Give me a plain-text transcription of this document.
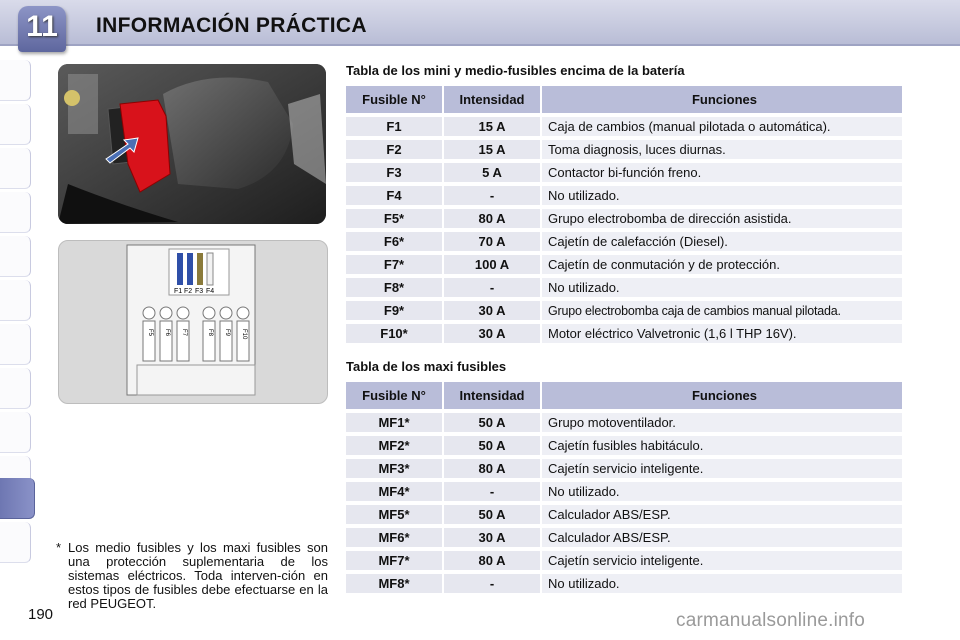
11	INFORMACIÓN PRÁCTICA
F1 F2 F3 F4
F5 F6 F7	F8 F9 F10
Tabla de los mini y medio-fusibles encima de la batería
Fusible N°	Intensidad	Funciones

F1	15 A	Caja de cambios (manual pilotada o automática).

F2	15 A	Toma diagnosis, luces diurnas.

F3	5 A	Contactor bi-función freno.

F4	-	No utilizado.

F5*	80 A	Grupo electrobomba de dirección asistida.

F6*	70 A	Cajetín de calefacción (Diesel).

F7*	100 A	Cajetín de conmutación y de protección.

F8*	-	No utilizado.

F9*	30 A	Grupo electrobomba caja de cambios manual pilotada.

F10*	30 A	Motor eléctrico Valvetronic (1,6 l THP 16V).
Tabla de los maxi fusibles
Fusible N°	Intensidad	Funciones

MF1*	50 A	Grupo motoventilador.

MF2*	50 A	Cajetín fusibles habitáculo.

MF3*	80 A	Cajetín servicio inteligente.

MF4*	-	No utilizado.

MF5*	50 A	Calculador ABS/ESP.

MF6*	30 A	Calculador ABS/ESP.

MF7*	80 A	Cajetín servicio inteligente.

MF8*	-	No utilizado.
* Los medio fusibles y los maxi fusibles son una protección suplementaria de los sistemas eléctricos. Toda interven-ción en estos tipos de fusibles debe efectuarse en la red PEUGEOT.
190	carmanualsonline.info
